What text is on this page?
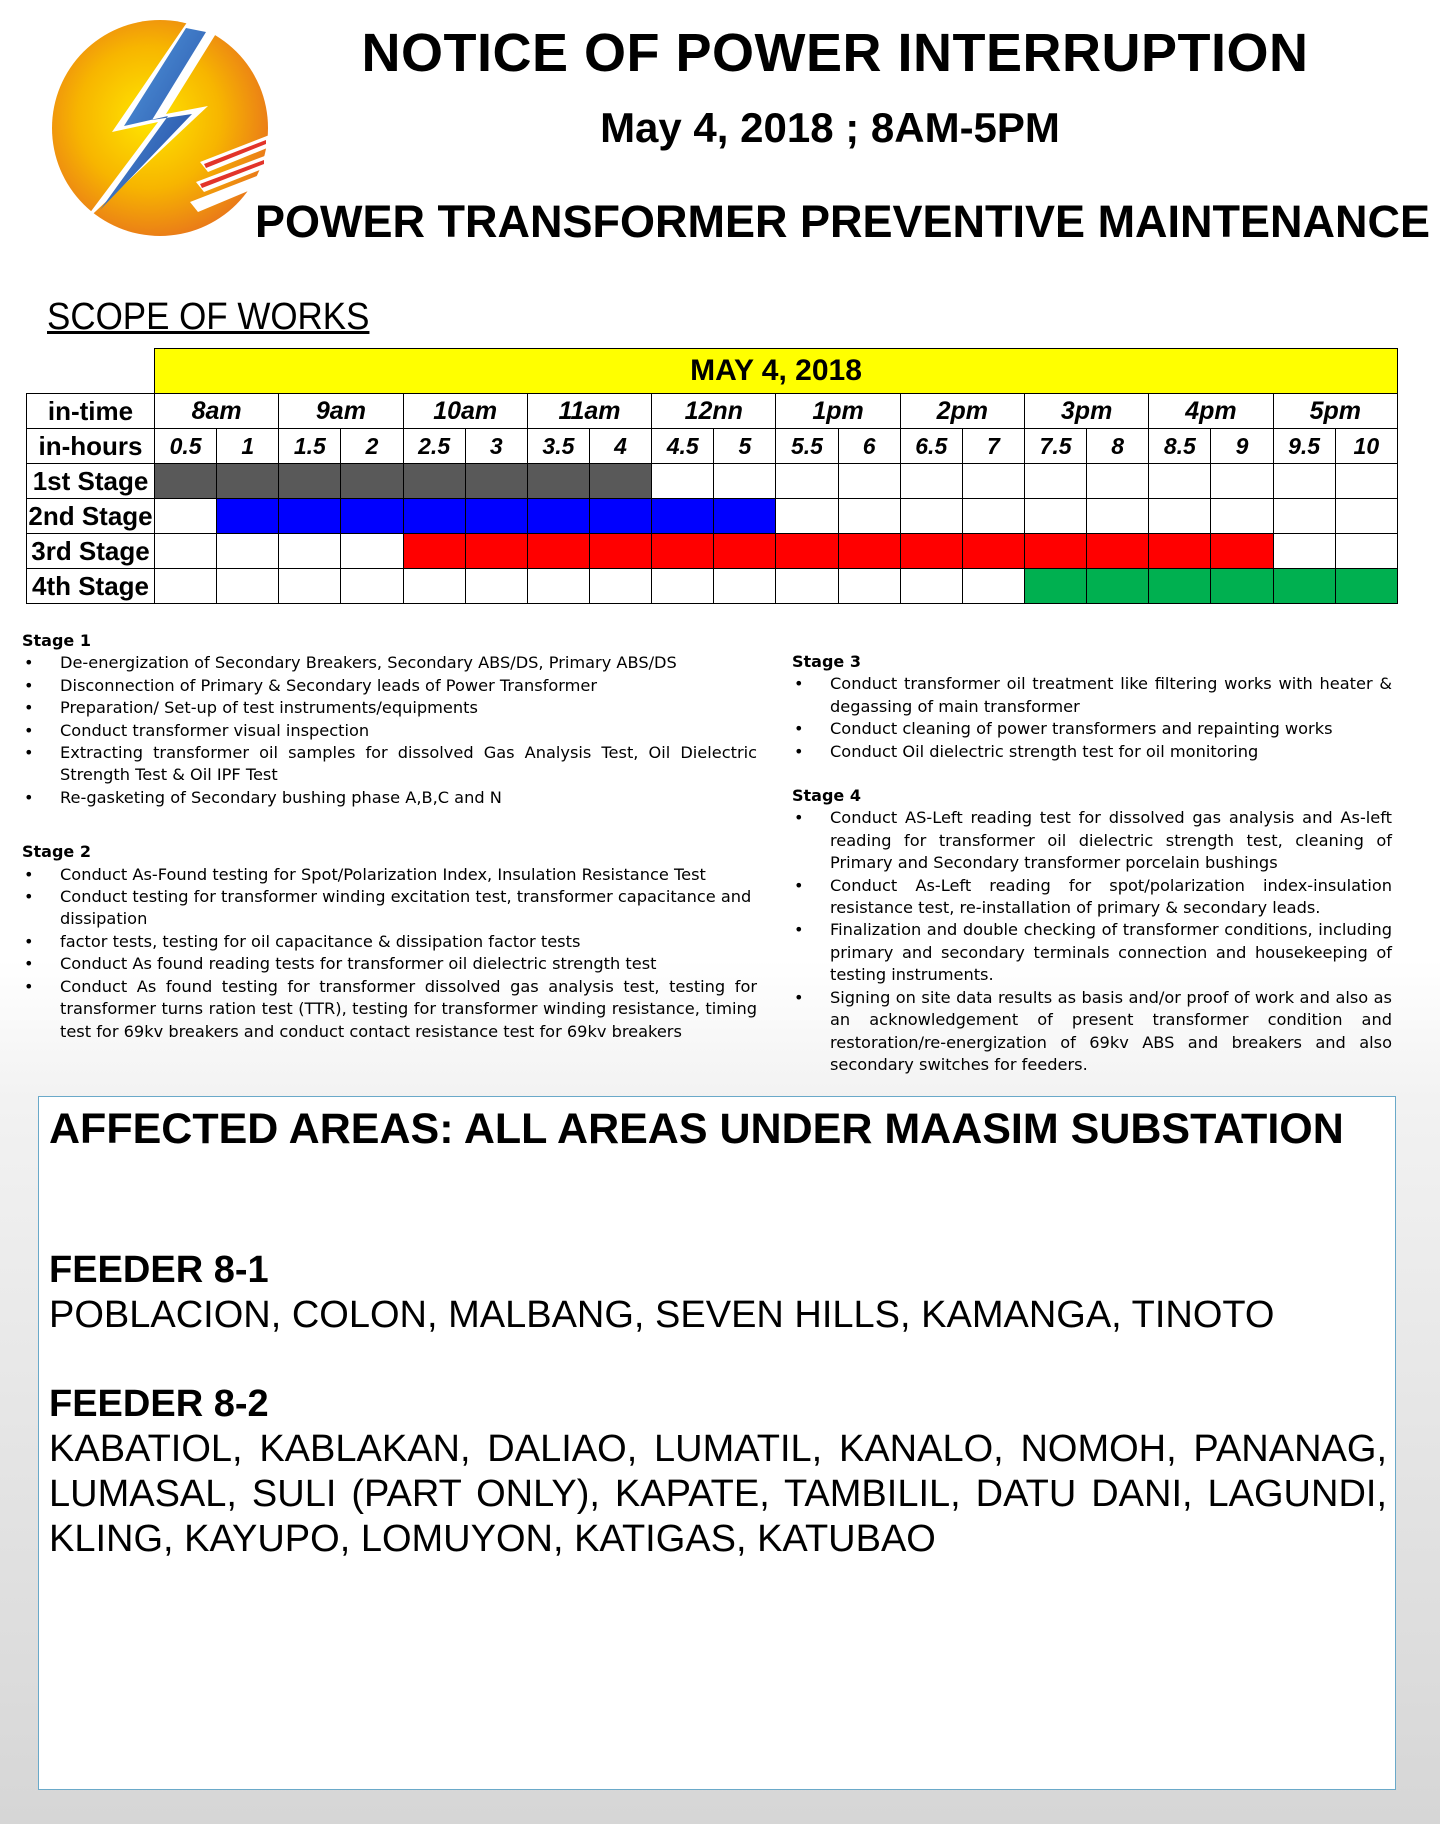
NOTICE OF POWER INTERRUPTION
May 4, 2018 ; 8AM-5PM
POWER TRANSFORMER PREVENTIVE MAINTENANCE
SCOPE OF WORKS
	MAY 4, 2018																			
in-time	8am		9am		10am		11am		12nn		1pm		2pm		3pm		4pm		5pm	
in-hours	0.5	1	1.5	2	2.5	3	3.5	4	4.5	5	5.5	6	6.5	7	7.5	8	8.5	9	9.5	10
1st Stage																				
2nd Stage																				
3rd Stage																				
4th Stage																				
Stage 1
• De-energization of Secondary Breakers, Secondary ABS/DS, Primary ABS/DS
• Disconnection of Primary & Secondary leads of Power Transformer
• Preparation/ Set-up of test instruments/equipments
• Conduct transformer visual inspection
• Extracting transformer oil samples for dissolved Gas Analysis Test, Oil Dielectric Strength Test & Oil IPF Test
• Re-gasketing of Secondary bushing phase A,B,C and N
Stage 2
• Conduct As-Found testing for Spot/Polarization Index, Insulation Resistance Test
• Conduct testing for transformer winding excitation test, transformer capacitance and dissipation
• factor tests, testing for oil capacitance & dissipation factor tests
• Conduct As found reading tests for transformer oil dielectric strength test
• Conduct As found testing for transformer dissolved gas analysis test, testing for transformer turns ration test (TTR), testing for transformer winding resistance, timing test for 69kv breakers and conduct contact resistance test for 69kv breakers
Stage 3
• Conduct transformer oil treatment like filtering works with heater & degassing of main transformer
• Conduct cleaning of power transformers and repainting works
• Conduct Oil dielectric strength test for oil monitoring
Stage 4
• Conduct AS-Left reading test for dissolved gas analysis and As-left reading for transformer oil dielectric strength test, cleaning of Primary and Secondary transformer porcelain bushings
• Conduct As-Left reading for spot/polarization index-insulation resistance test, re-installation of primary & secondary leads.
• Finalization and double checking of transformer conditions, including primary and secondary terminals connection and housekeeping of testing instruments.
• Signing on site data results as basis and/or proof of work and also as an acknowledgement of present transformer condition and restoration/re-energization of 69kv ABS and breakers and also secondary switches for feeders.
AFFECTED AREAS: ALL AREAS UNDER MAASIM SUBSTATION
FEEDER 8-1
POBLACION, COLON, MALBANG, SEVEN HILLS, KAMANGA, TINOTO
FEEDER 8-2
KABATIOL, KABLAKAN, DALIAO, LUMATIL, KANALO, NOMOH, PANANAG, LUMASAL, SULI (PART ONLY), KAPATE, TAMBILIL, DATU DANI, LAGUNDI, KLING, KAYUPO, LOMUYON, KATIGAS, KATUBAO
